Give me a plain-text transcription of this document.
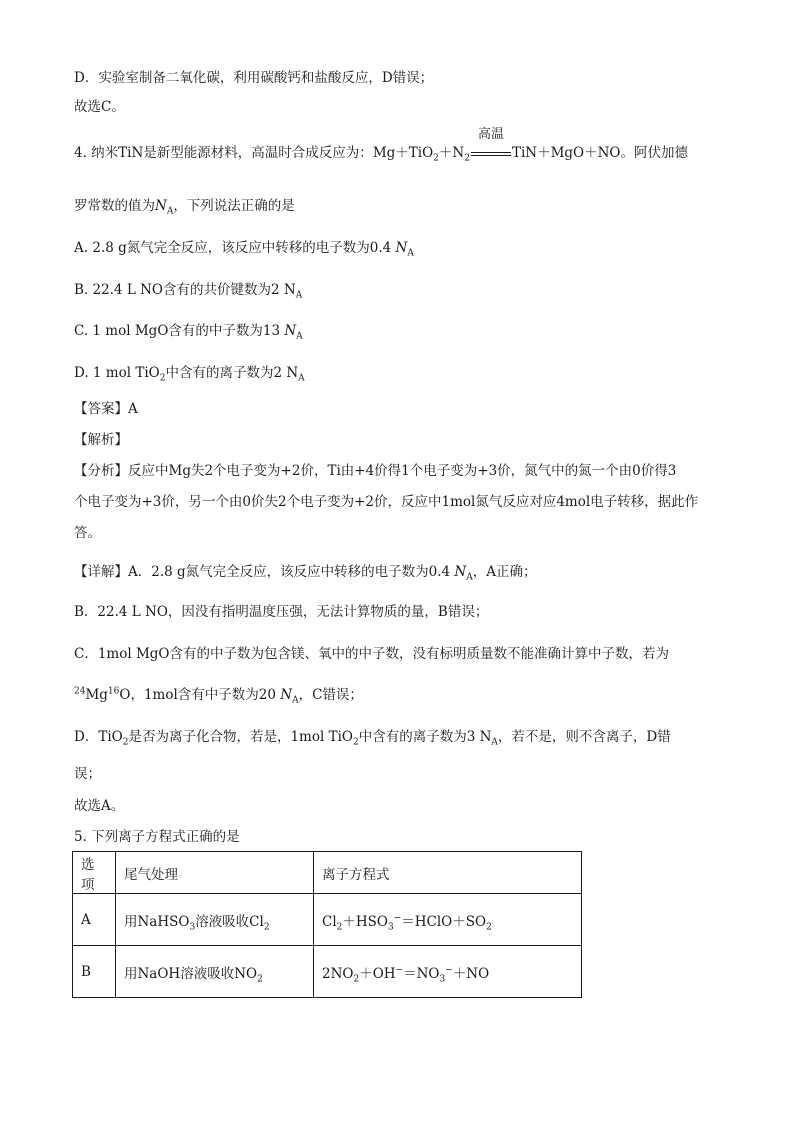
D．实验室制备二氧化碳，利用碳酸钙和盐酸反应，D错误；
故选C。
4. 纳米TiN是新型能源材料，高温时合成反应为：$Mg+TiO_2+N_2$
高温
TiN＋MgO＋NO。阿伏加德
罗常数的值为$N_A$，下列说法正确的是
A. 2.8 g氮气完全反应，该反应中转移的电子数为0.4 $N_A$
B. 22.4 L NO含有的共价键数为2 $N_A$
C. 1 mol MgO含有的中子数为13 $N_A$
D. 1 mol TiO$_2$中含有的离子数为2 $N_A$
【答案】A
【解析】
【分析】反应中Mg失2个电子变为+2价，Ti由+4价得1个电子变为+3价，氮气中的氮一个由0价得3
个电子变为+3价，另一个由0价失2个电子变为+2价，反应中1mol氮气反应对应4mol电子转移，据此作
答。
【详解】A．2.8 g氮气完全反应，该反应中转移的电子数为0.4 $N_A$，A正确；
B．22.4 L NO，因没有指明温度压强，无法计算物质的量，B错误；
C．1mol MgO含有的中子数为包含镁、氧中的中子数，没有标明质量数不能准确计算中子数，若为
$^{24}$Mg$^{16}$O，1mol含有中子数为20 $N_A$，C错误；
D．TiO$_2$是否为离子化合物，若是，1mol TiO$_2$中含有的离子数为3 $N_A$，若不是，则不含离子，D错
误；
故选A。
5. 下列离子方程式正确的是
选项	尾气处理	离子方程式
A	用NaHSO$_3$溶液吸收$Cl_2$	$Cl_2+HSO_3^-=HClO+SO_2$
B	用NaOH溶液吸收$NO_2$	$2NO_2+OH^-=NO_3^-+NO$
